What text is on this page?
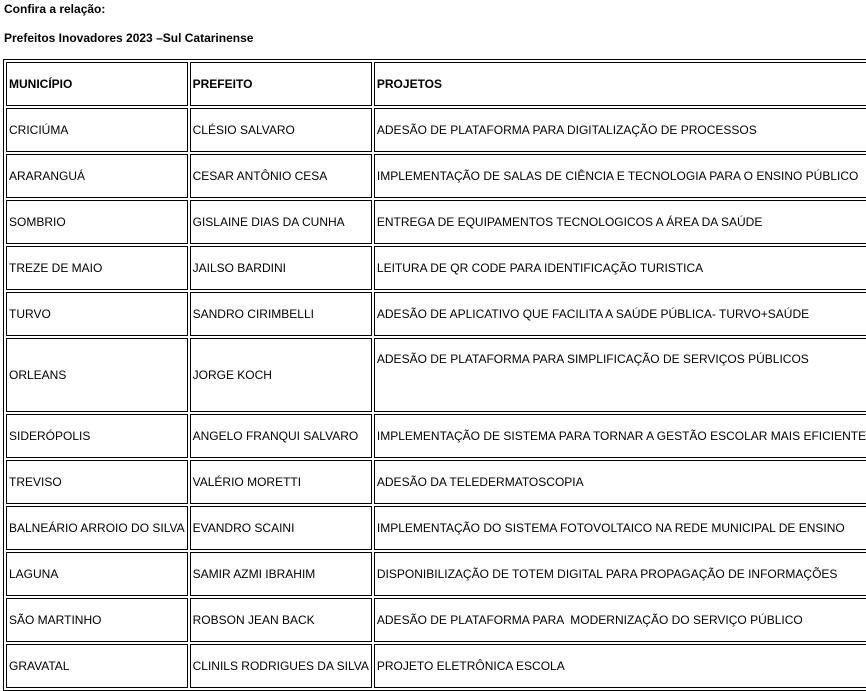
Confira a relação:
Prefeitos Inovadores 2023 –Sul Catarinense
MUNICÍPIO	PREFEITO	PROJETOS
CRICIÚMA	CLÉSIO SALVARO	ADESÃO DE PLATAFORMA PARA DIGITALIZAÇÃO DE PROCESSOS
ARARANGUÁ	CESAR ANTÔNIO CESA	IMPLEMENTAÇÃO DE SALAS DE CIÊNCIA E TECNOLOGIA PARA O ENSINO PÚBLICO
SOMBRIO	GISLAINE DIAS DA CUNHA	ENTREGA DE EQUIPAMENTOS TECNOLOGICOS A ÁREA DA SAÚDE
TREZE DE MAIO	JAILSO BARDINI	LEITURA DE QR CODE PARA IDENTIFICAÇÃO TURISTICA
TURVO	SANDRO CIRIMBELLI	ADESÃO DE APLICATIVO QUE FACILITA A SAÚDE PÚBLICA- TURVO+SAÚDE
ORLEANS	JORGE KOCH	ADESÃO DE PLATAFORMA PARA SIMPLIFICAÇÃO DE SERVIÇOS PÚBLICOS
SIDERÓPOLIS	ANGELO FRANQUI SALVARO	IMPLEMENTAÇÃO DE SISTEMA PARA TORNAR A GESTÃO ESCOLAR MAIS EFICIENTE
TREVISO	VALÉRIO MORETTI	ADESÃO DA TELEDERMATOSCOPIA
BALNEÁRIO ARROIO DO SILVA	EVANDRO SCAINI	IMPLEMENTAÇÃO DO SISTEMA FOTOVOLTAICO NA REDE MUNICIPAL DE ENSINO
LAGUNA	SAMIR AZMI IBRAHIM	DISPONIBILIZAÇÃO DE TOTEM DIGITAL PARA PROPAGAÇÃO DE INFORMAÇÕES
SÃO MARTINHO	ROBSON JEAN BACK	ADESÃO DE PLATAFORMA PARA  MODERNIZAÇÃO DO SERVIÇO PÚBLICO
GRAVATAL	CLINILS RODRIGUES DA SILVA	PROJETO ELETRÔNICA ESCOLA
